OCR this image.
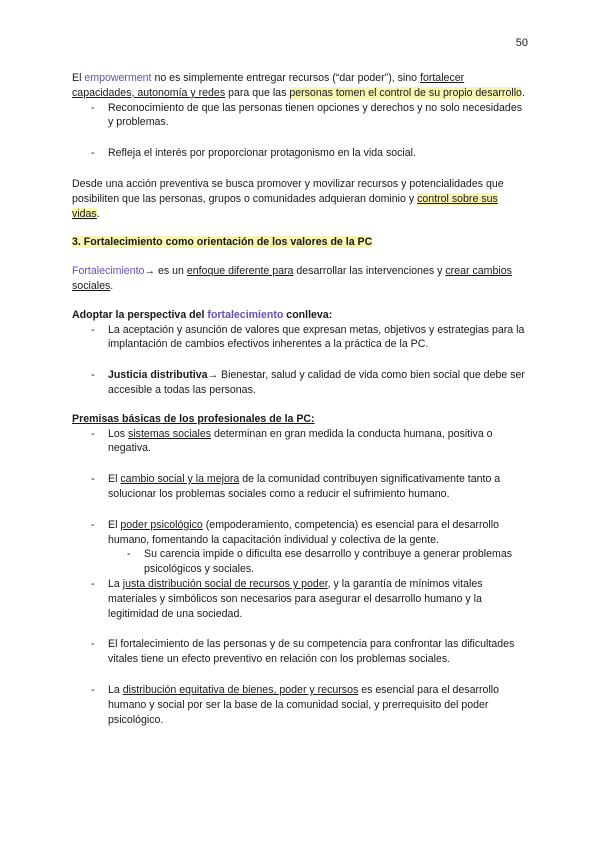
50

El empowerment no es simplemente entregar recursos (“dar poder”), sino fortalecer capacidades, autonomía y redes para que las personas tomen el control de su propio desarrollo.

- Reconocimiento de que las personas tienen opciones y derechos y no solo necesidades y problemas.
- Refleja el interés por proporcionar protagonismo en la vida social.

Desde una acción preventiva se busca promover y movilizar recursos y potencialidades que posibiliten que las personas, grupos o comunidades adquieran dominio y control sobre sus vidas.

3. Fortalecimiento como orientación de los valores de la PC

Fortalecimiento→ es un enfoque diferente para desarrollar las intervenciones y crear cambios sociales.

Adoptar la perspectiva del fortalecimiento conlleva:

- La aceptación y asunción de valores que expresan metas, objetivos y estrategias para la implantación de cambios efectivos inherentes a la práctica de la PC.
- Justicia distributiva→ Bienestar, salud y calidad de vida como bien social que debe ser accesible a todas las personas.

Premisas básicas de los profesionales de la PC:

- Los sistemas sociales determinan en gran medida la conducta humana, positiva o negativa.
- El cambio social y la mejora de la comunidad contribuyen significativamente tanto a solucionar los problemas sociales como a reducir el sufrimiento humano.
- El poder psicológico (empoderamiento, competencia) es esencial para el desarrollo humano, fomentando la capacitación individual y colectiva de la gente.
- Su carencia impide o dificulta ese desarrollo y contribuye a generar problemas psicológicos y sociales.
- La justa distribución social de recursos y poder, y la garantía de mínimos vitales materiales y simbólicos son necesarios para asegurar el desarrollo humano y la legitimidad de una sociedad.
- El fortalecimiento de las personas y de su competencia para confrontar las dificultades vitales tiene un efecto preventivo en relación con los problemas sociales.
- La distribución equitativa de bienes, poder y recursos es esencial para el desarrollo humano y social por ser la base de la comunidad social, y prerrequisito del poder psicológico.
